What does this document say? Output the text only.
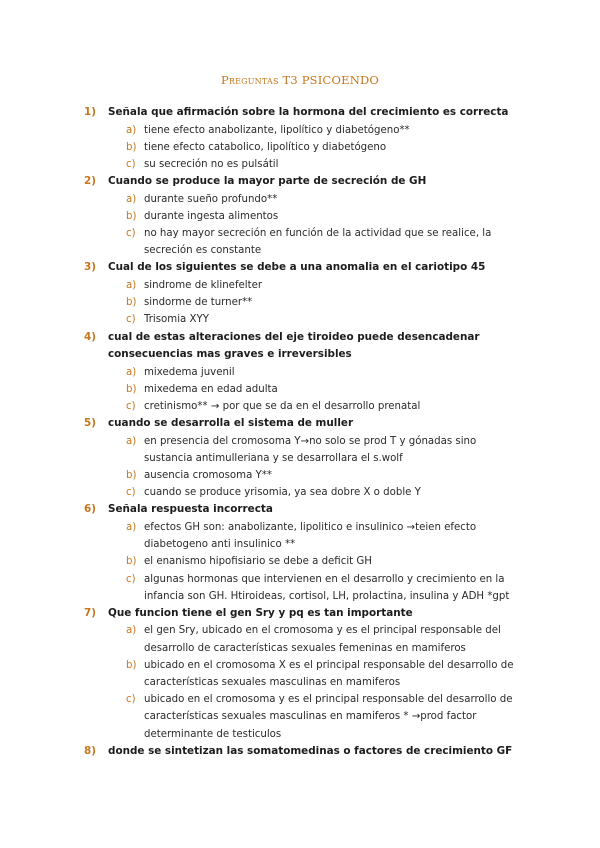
Preguntas T3 PSICOENDO
1) Señala que afirmación sobre la hormona del crecimiento es correcta
a) tiene efecto anabolizante, lipolítico y diabetógeno**
b) tiene efecto catabolico, lipolítico y diabetógeno
c) su secreción no es pulsátil
2) Cuando se produce la mayor parte de secreción de GH
a) durante sueño profundo**
b) durante ingesta alimentos
c) no hay mayor secreción en función de la actividad que se realice, la secreción es constante
3) Cual de los siguientes se debe a una anomalia en el cariotipo 45
a) sindrome de klinefelter
b) sindorme de turner**
c) Trisomia XYY
4) cual de estas alteraciones del eje tiroideo puede desencadenar consecuencias mas graves e irreversibles
a) mixedema juvenil
b) mixedema en edad adulta
c) cretinismo** → por que se da en el desarrollo prenatal
5) cuando se desarrolla el sistema de muller
a) en presencia del cromosoma Y→no solo se prod T y gónadas sino sustancia antimulleriana y se desarrollara el s.wolf
b) ausencia cromosoma Y**
c) cuando se produce yrisomia, ya sea dobre X o doble Y
6) Señala respuesta incorrecta
a) efectos GH son: anabolizante, lipolitico e insulinico →teien efecto diabetogeno anti insulinico **
b) el enanismo hipofisiario se debe a deficit GH
c) algunas hormonas que intervienen en el desarrollo y crecimiento en la infancia son GH. Htiroideas, cortisol, LH, prolactina, insulina y ADH *gpt
7) Que funcion tiene el gen Sry y pq es tan importante
a) el gen Sry, ubicado en el cromosoma y es el principal responsable del desarrollo de características sexuales femeninas en mamiferos
b) ubicado en el cromosoma X es el principal responsable del desarrollo de características sexuales masculinas en mamiferos
c) ubicado en el cromosoma y es el principal responsable del desarrollo de características sexuales masculinas en mamiferos * →prod factor determinante de testiculos
8) donde se sintetizan las somatomedinas o factores de crecimiento GF
